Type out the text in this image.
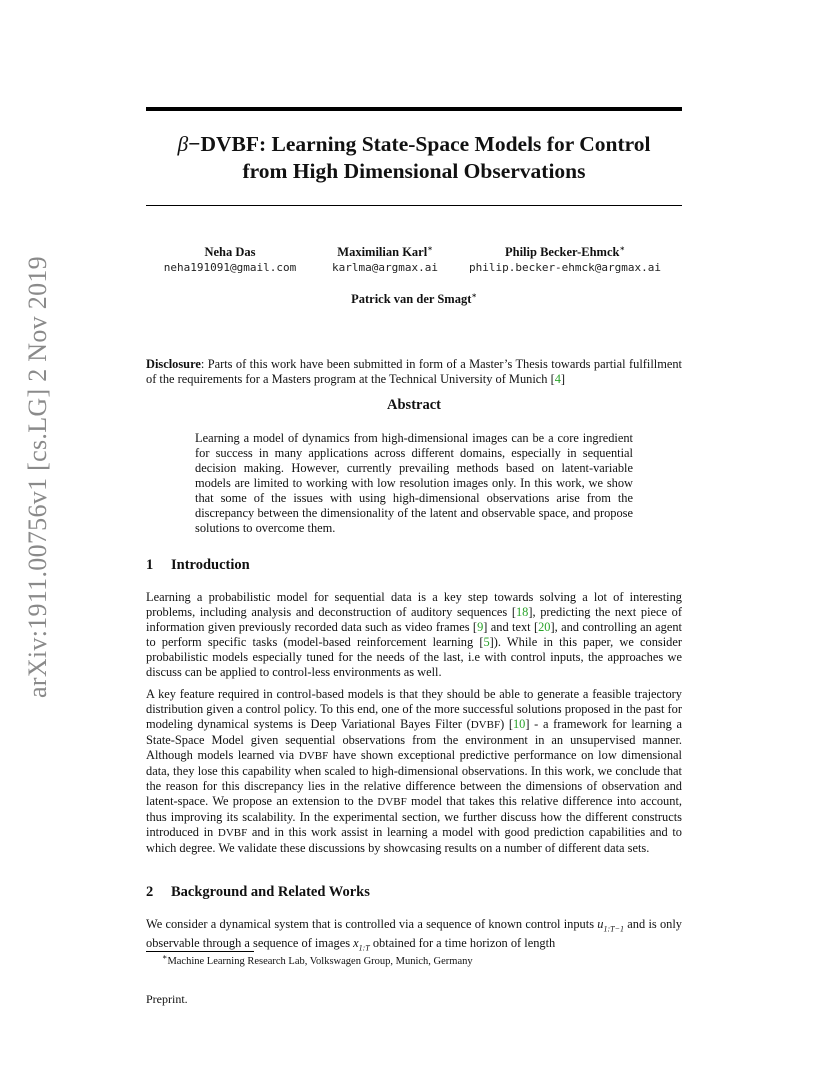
arXiv:1911.00756v1 [cs.LG] 2 Nov 2019
β−DVBF: Learning State-Space Models for Control
from High Dimensional Observations
Neha Das
neha191091@gmail.com
Maximilian Karl∗
karlma@argmax.ai
Philip Becker-Ehmck∗
philip.becker-ehmck@argmax.ai
Patrick van der Smagt∗

Disclosure: Parts of this work have been submitted in form of a Master’s Thesis towards partial fulfillment of the requirements for a Masters program at the Technical University of Munich [4]

Abstract

Learning a model of dynamics from high-dimensional images can be a core ingredient for success in many applications across different domains, especially in sequential decision making. However, currently prevailing methods based on latent-variable models are limited to working with low resolution images only. In this work, we show that some of the issues with using high-dimensional observations arise from the discrepancy between the dimensionality of the latent and observable space, and propose solutions to overcome them.

1 Introduction

Learning a probabilistic model for sequential data is a key step towards solving a lot of interesting problems, including analysis and deconstruction of auditory sequences [18], predicting the next piece of information given previously recorded data such as video frames [9] and text [20], and controlling an agent to perform specific tasks (model-based reinforcement learning [5]). While in this paper, we consider probabilistic models especially tuned for the needs of the last, i.e with control inputs, the approaches we discuss can be applied to control-less environments as well.

A key feature required in control-based models is that they should be able to generate a feasible trajectory distribution given a control policy. To this end, one of the more successful solutions proposed in the past for modeling dynamical systems is Deep Variational Bayes Filter (DVBF) [10] - a framework for learning a State-Space Model given sequential observations from the environment in an unsupervised manner. Although models learned via DVBF have shown exceptional predictive performance on low dimensional data, they lose this capability when scaled to high-dimensional observations. In this work, we conclude that the reason for this discrepancy lies in the relative difference between the dimensions of observation and latent-space. We propose an extension to the DVBF model that takes this relative difference into account, thus improving its scalability. In the experimental section, we further discuss how the different constructs introduced in DVBF and in this work assist in learning a model with good prediction capabilities and to which degree. We validate these discussions by showcasing results on a number of different data sets.

2 Background and Related Works

We consider a dynamical system that is controlled via a sequence of known control inputs $u_{1:T-1}$ and is only observable through a sequence of images $x_{1:T}$ obtained for a time horizon of length

∗Machine Learning Research Lab, Volkswagen Group, Munich, Germany
Preprint.
